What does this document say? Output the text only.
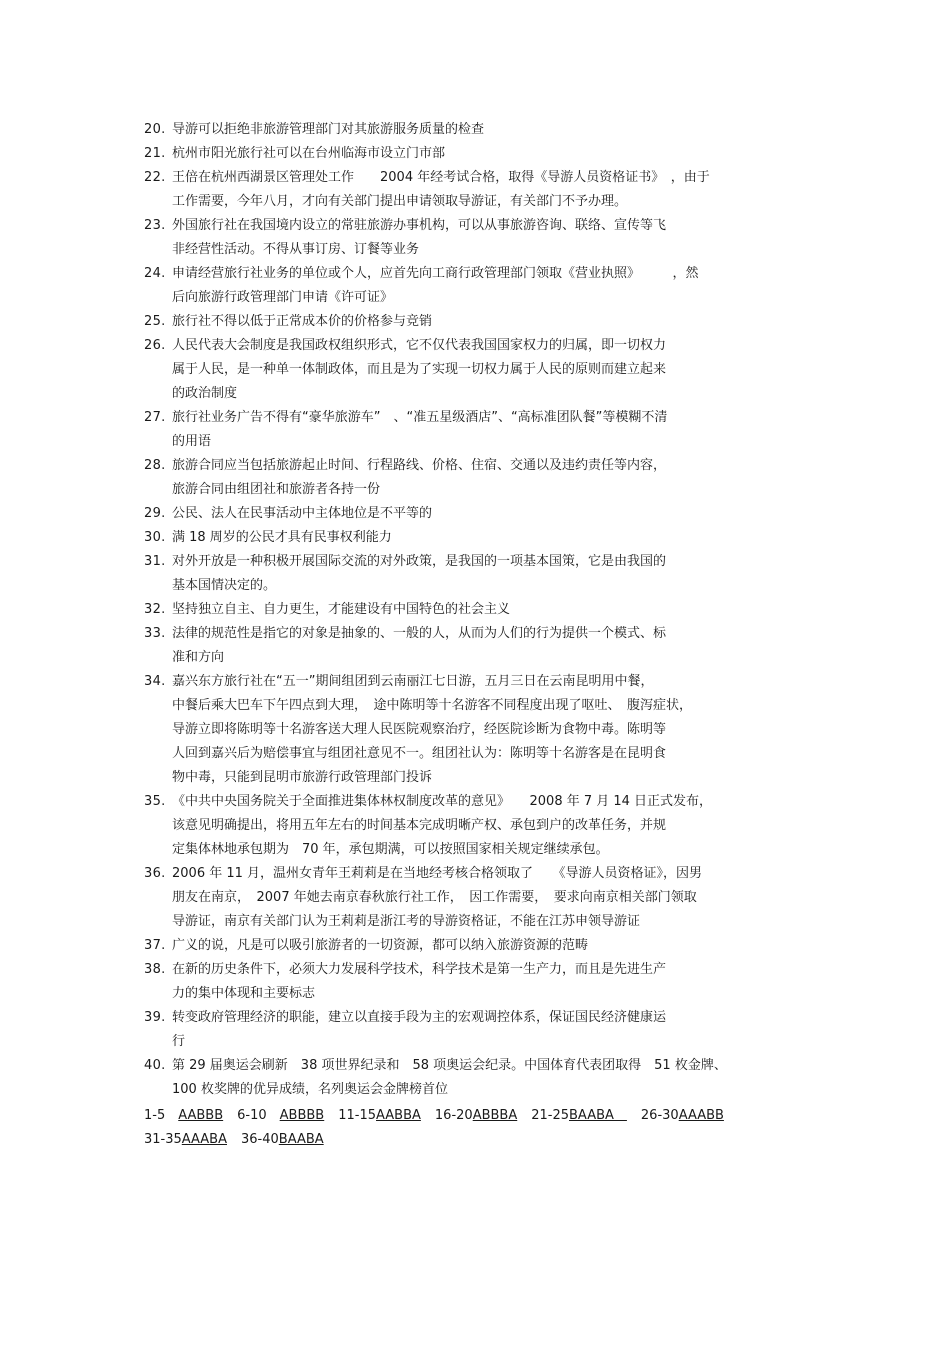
20. 导游可以拒绝非旅游管理部门对其旅游服务质量的检查
21. 杭州市阳光旅行社可以在台州临海市设立门市部
22. 王倍在杭州西湖景区管理处工作　　2004 年经考试合格，取得《导游人员资格证书》　，由于
工作需要，今年八月，才向有关部门提出申请领取导游证，有关部门不予办理。
23. 外国旅行社在我国境内设立的常驻旅游办事机构，可以从事旅游咨询、联络、宣传等飞
非经营性活动。不得从事订房、订餐等业务
24. 申请经营旅行社业务的单位或个人，应首先向工商行政管理部门领取《营业执照》　　　，然
后向旅游行政管理部门申请《许可证》
25. 旅行社不得以低于正常成本价的价格参与竞销
26. 人民代表大会制度是我国政权组织形式，它不仅代表我国国家权力的归属，即一切权力
属于人民，是一种单一体制政体，而且是为了实现一切权力属于人民的原则而建立起来
的政治制度
27. 旅行社业务广告不得有“豪华旅游车”　、“准五星级酒店”、“高标准团队餐”等模糊不清
的用语
28. 旅游合同应当包括旅游起止时间、行程路线、价格、住宿、交通以及违约责任等内容，
旅游合同由组团社和旅游者各持一份
29. 公民、法人在民事活动中主体地位是不平等的
30. 满 18 周岁的公民才具有民事权利能力
31. 对外开放是一种积极开展国际交流的对外政策，是我国的一项基本国策，它是由我国的
基本国情决定的。
32. 坚持独立自主、自力更生，才能建设有中国特色的社会主义
33. 法律的规范性是指它的对象是抽象的、一般的人，从而为人们的行为提供一个模式、标
准和方向
34. 嘉兴东方旅行社在“五一”期间组团到云南丽江七日游，五月三日在云南昆明用中餐，
中餐后乘大巴车下午四点到大理，　途中陈明等十名游客不同程度出现了呕吐、　腹泻症状，
导游立即将陈明等十名游客送大理人民医院观察治疗，经医院诊断为食物中毒。陈明等
人回到嘉兴后为赔偿事宜与组团社意见不一。组团社认为：陈明等十名游客是在昆明食
物中毒，只能到昆明市旅游行政管理部门投诉
35. 《中共中央国务院关于全面推进集体林权制度改革的意见》　　2008 年 7 月 14 日正式发布，
该意见明确提出，将用五年左右的时间基本完成明晰产权、承包到户的改革任务，并规
定集体林地承包期为　70 年，承包期满，可以按照国家相关规定继续承包。
36. 2006 年 11 月，温州女青年王莉莉是在当地经考核合格领取了　　《导游人员资格证》，因男
朋友在南京，　2007 年她去南京春秋旅行社工作，　因工作需要，　要求向南京相关部门领取
导游证，南京有关部门认为王莉莉是浙江考的导游资格证，不能在江苏申领导游证
37. 广义的说，凡是可以吸引旅游者的一切资源，都可以纳入旅游资源的范畴
38. 在新的历史条件下，必须大力发展科学技术，科学技术是第一生产力，而且是先进生产
力的集中体现和主要标志
39. 转变政府管理经济的职能，建立以直接手段为主的宏观调控体系，保证国民经济健康运
行
40. 第 29 届奥运会刷新　38 项世界纪录和　58 项奥运会纪录。中国体育代表团取得　51 枚金牌、
100 枚奖牌的优异成绩，名列奥运会金牌榜首位
1-5　AABBB 6-10　ABBBB 11-15AABBA 16-20ABBBA 21-25BAABA　26-30AAABB
31-35AAABA 36-40BAABA
